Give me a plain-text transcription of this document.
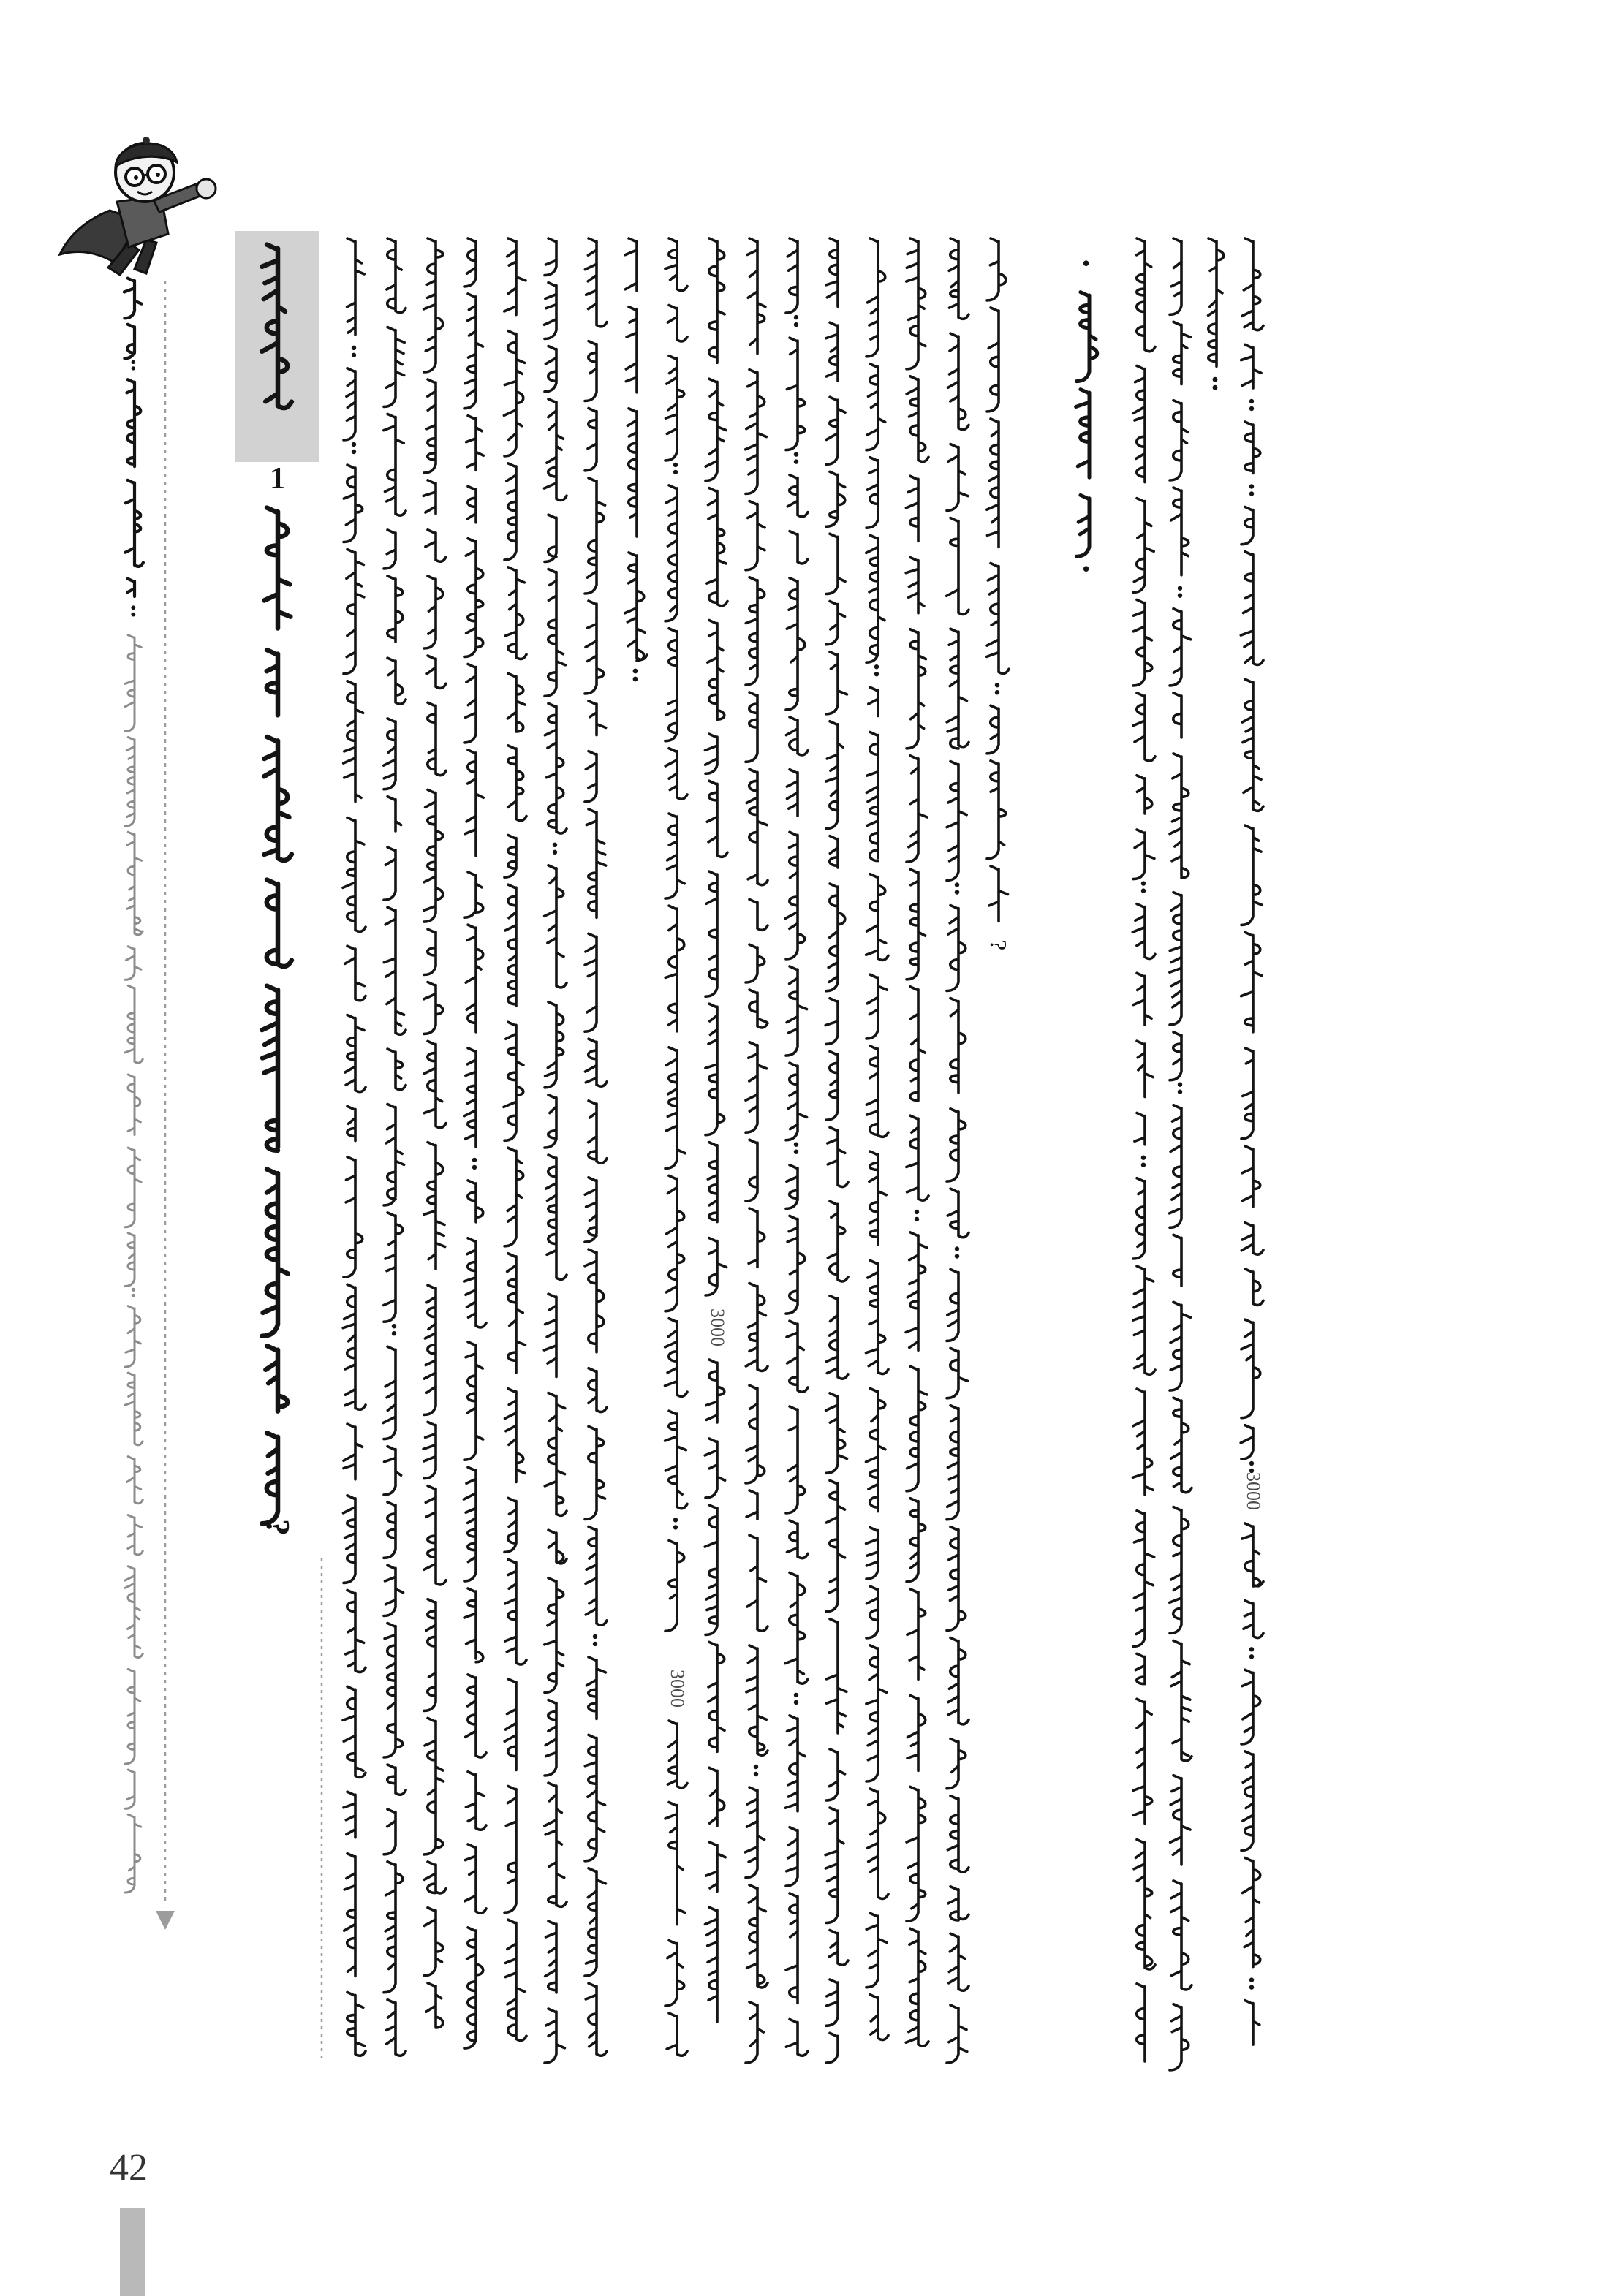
1
?
3000
3000
?
•
•
3000
42
